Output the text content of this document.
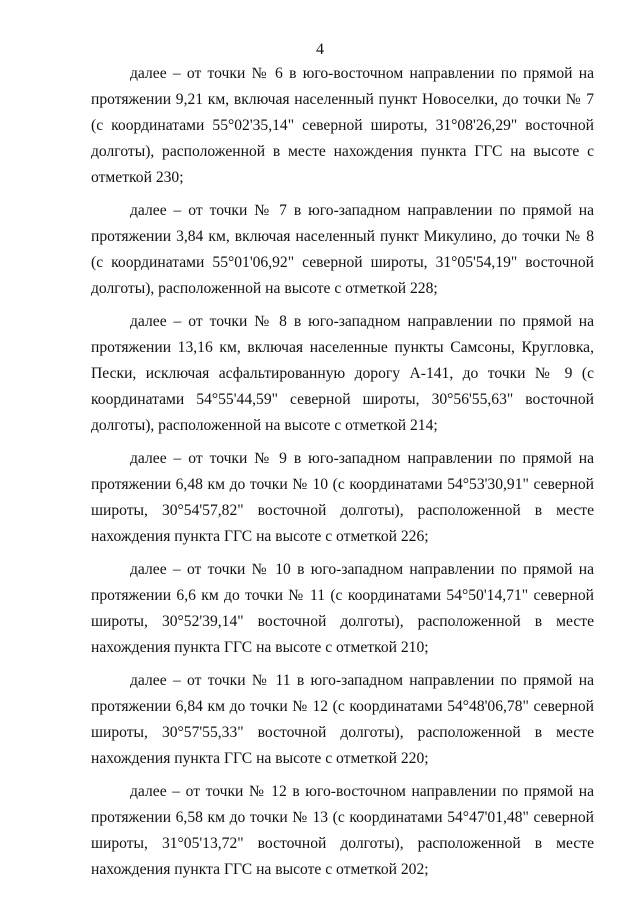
4

далее – от точки № 6 в юго-восточном направлении по прямой на протяжении 9,21 км, включая населенный пункт Новоселки, до точки № 7 (с координатами 55°02'35,14" северной широты, 31°08'26,29" восточной долготы), расположенной в месте нахождения пункта ГГС на высоте с отметкой 230;

далее – от точки № 7 в юго-западном направлении по прямой на протяжении 3,84 км, включая населенный пункт Микулино, до точки № 8 (с координатами 55°01'06,92" северной широты, 31°05'54,19" восточной долготы), расположенной на высоте с отметкой 228;

далее – от точки № 8 в юго-западном направлении по прямой на протяжении 13,16 км, включая населенные пункты Самсоны, Кругловка, Пески, исключая асфальтированную дорогу А-141, до точки № 9 (с координатами 54°55'44,59" северной широты, 30°56'55,63" восточной долготы), расположенной на высоте с отметкой 214;

далее – от точки № 9 в юго-западном направлении по прямой на протяжении 6,48 км до точки № 10 (с координатами 54°53'30,91" северной широты, 30°54'57,82" восточной долготы), расположенной в месте нахождения пункта ГГС на высоте с отметкой 226;

далее – от точки № 10 в юго-западном направлении по прямой на протяжении 6,6 км до точки № 11 (с координатами 54°50'14,71" северной широты, 30°52'39,14" восточной долготы), расположенной в месте нахождения пункта ГГС на высоте с отметкой 210;

далее – от точки № 11 в юго-западном направлении по прямой на протяжении 6,84 км до точки № 12 (с координатами 54°48'06,78" северной широты, 30°57'55,33" восточной долготы), расположенной в месте нахождения пункта ГГС на высоте с отметкой 220;

далее – от точки № 12 в юго-восточном направлении по прямой на протяжении 6,58 км до точки № 13 (с координатами 54°47'01,48" северной широты, 31°05'13,72" восточной долготы), расположенной в месте нахождения пункта ГГС на высоте с отметкой 202;
